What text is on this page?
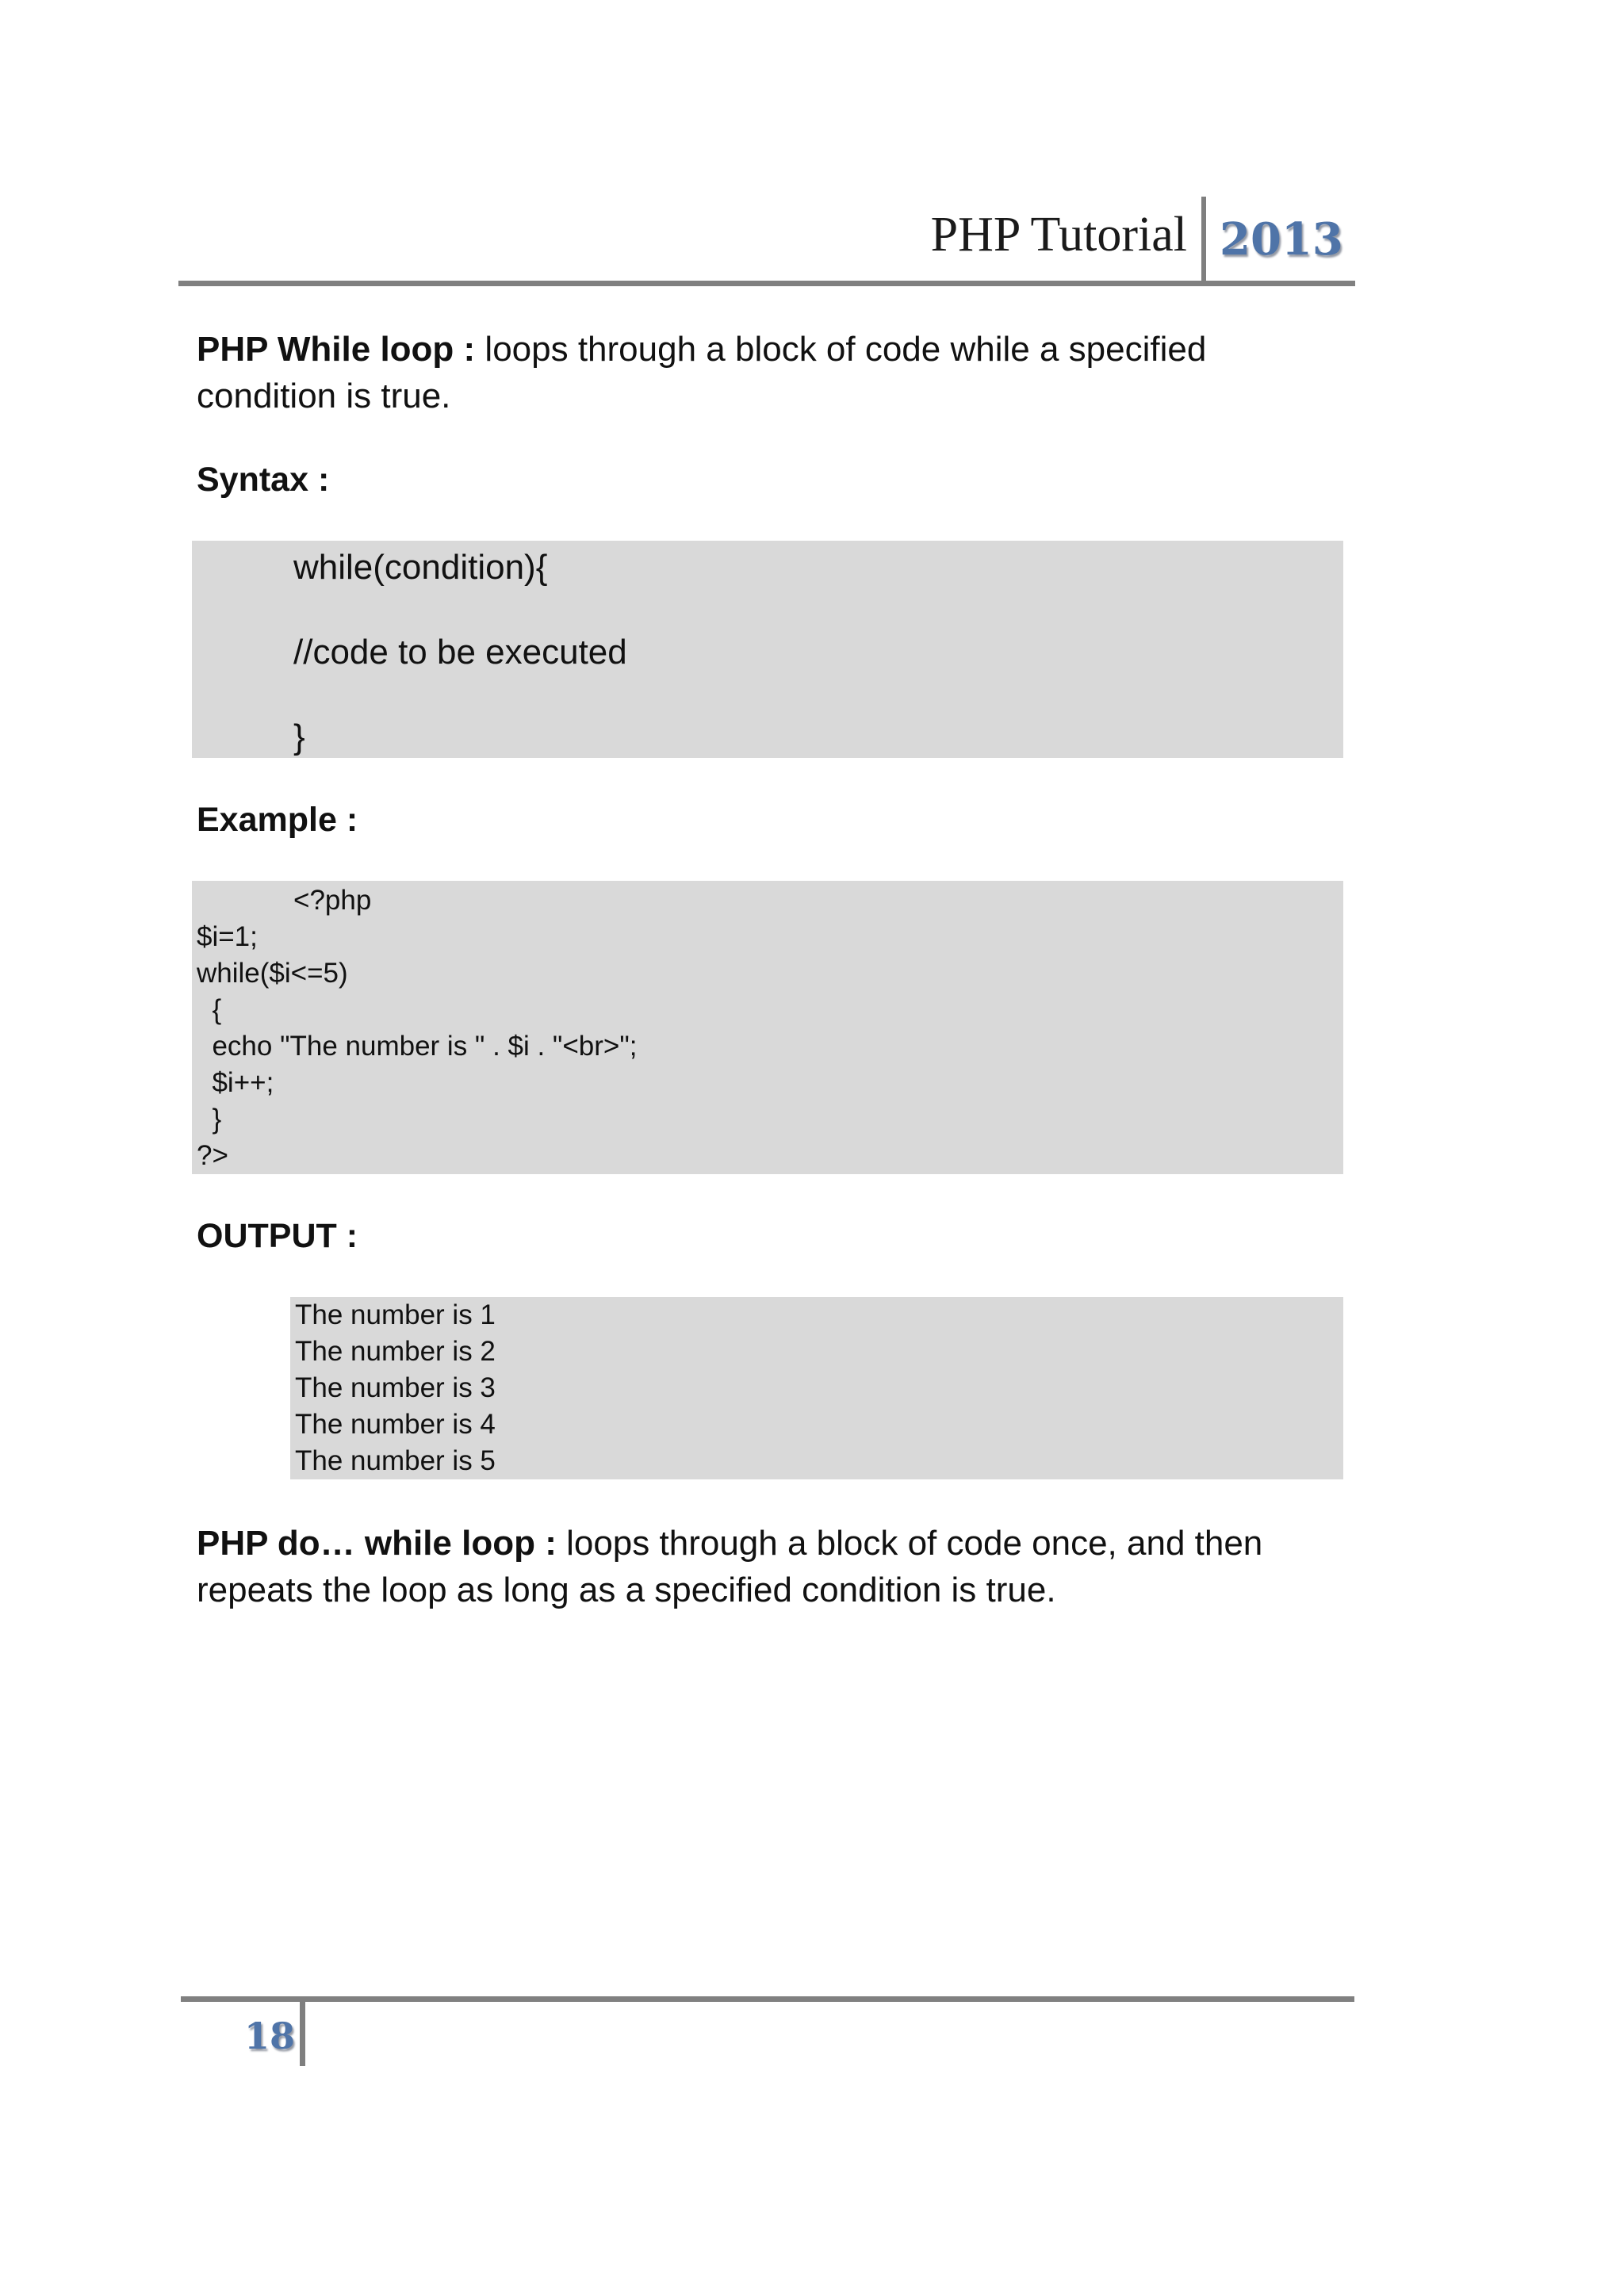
PHP Tutorial 2013
PHP While loop : loops through a block of code while a specified condition is true.
Syntax :
while(condition){
//code to be executed
}
Example :
<?php
$i=1;
while($i<=5)
{
echo "The number is " . $i . "<br>";
$i++;
}
?>
OUTPUT :
The number is 1
The number is 2
The number is 3
The number is 4
The number is 5
PHP do… while loop : loops through a block of code once, and then repeats the loop as long as a specified condition is true.
18
